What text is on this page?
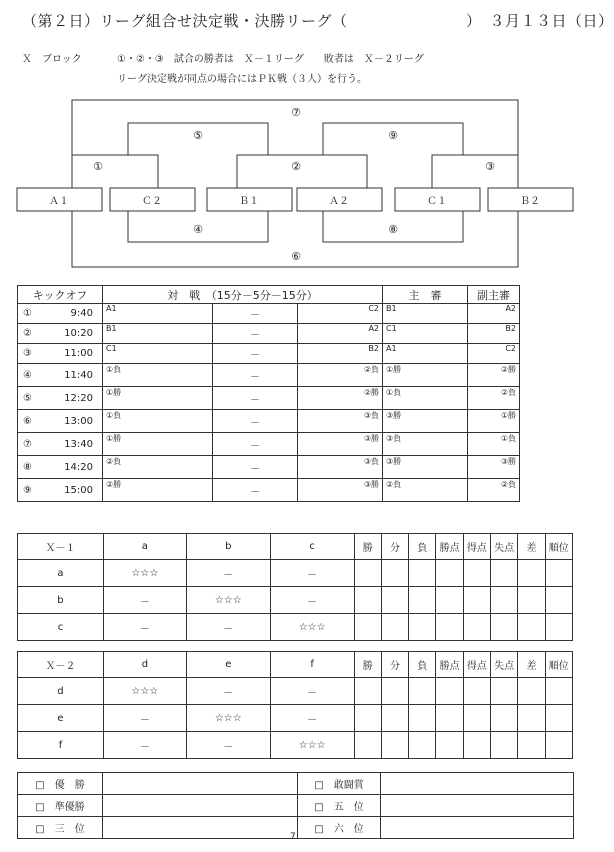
（第２日）リーグ組合せ決定戦・決勝リーグ（	）　３月１３日（日）
Ｘ　ブロック	①・②・③　試合の勝者は　Ｘ－１リーグ　　敗者は　Ｘ－２リーグ
リーグ決定戦が同点の場合にはＰＫ戦（３人）を行う。
Ａ１	Ｃ２	Ｂ１	Ａ２	Ｃ１	Ｂ２
①	②	③
④
⑤
⑥
⑦
⑧
⑨
キックオフ	対　戦　（15分－5分－15分）			主　審	副主審

① 9:40	A1	－	C2	B1	A2

② 10:20	B1	－	A2	C1	B2

③ 11:00	C1	－	B2	A1	C2

④ 11:40	①負	－	②負	①勝	②勝

⑤ 12:20	①勝	－	②勝	①負	②負

⑥ 13:00	①負	－	③負	③勝	①勝

⑦ 13:40	①勝	－	③勝	③負	①負

⑧ 14:20	②負	－	③負	③勝	③勝

⑨ 15:00	②勝	－	③勝	②負	②負
Ｘ－１	a	b	c	勝	分	負	勝点	得点	失点	差	順位
a	☆☆☆	－	－								
b	－	☆☆☆	－								
c	－	－	☆☆☆								
Ｘ－２	d	e	f	勝	分	負	勝点	得点	失点	差	順位
d	☆☆☆	－	－								
e	－	☆☆☆	－								
f	－	－	☆☆☆								
□　優　勝		□　敢闘賞	
□　準優勝		□　五　位	
□　三　位		□　六　位	
7
